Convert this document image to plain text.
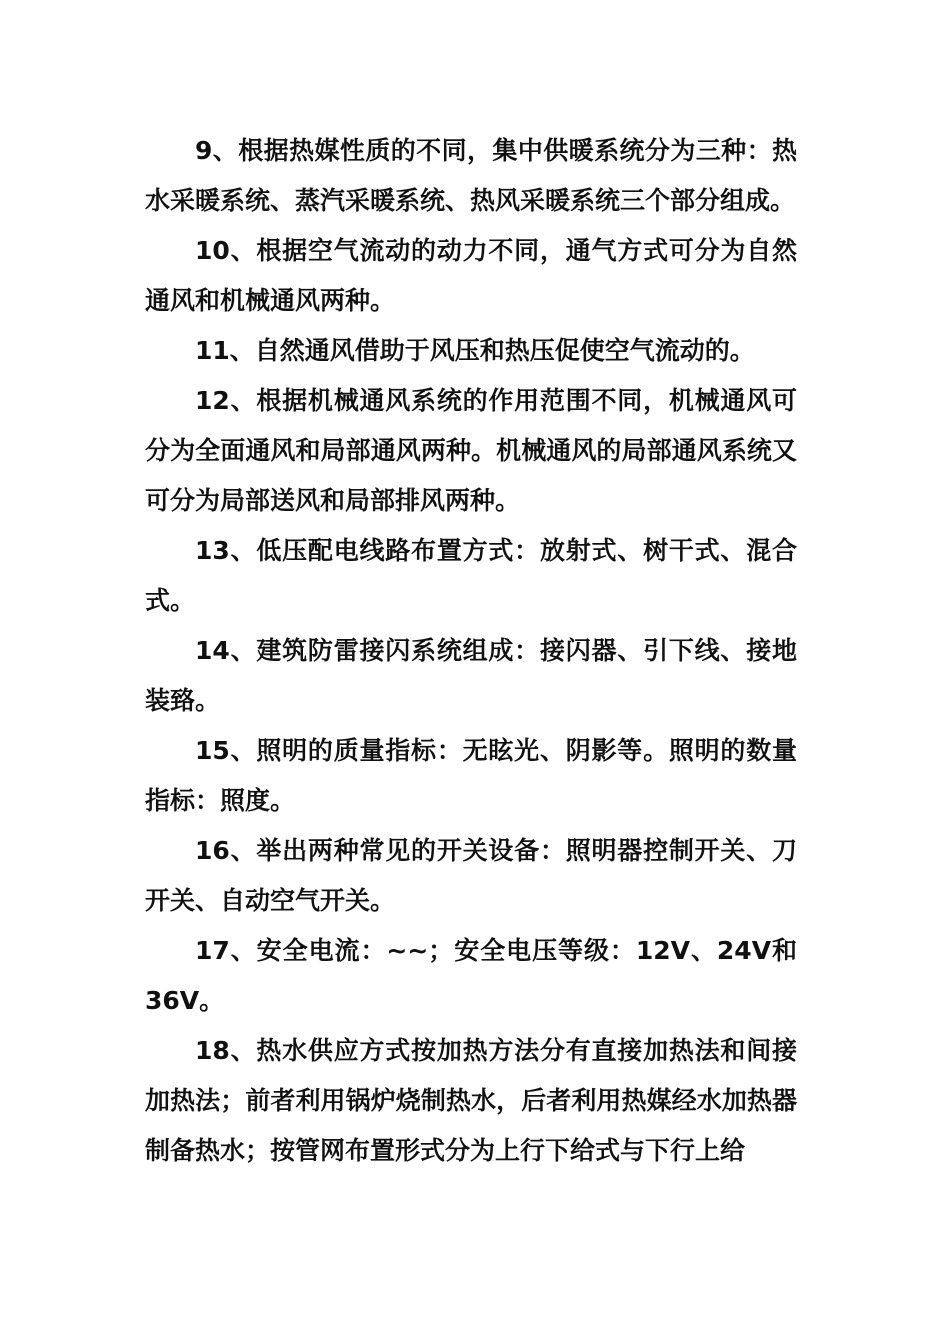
9、根据热媒性质的不同，集中供暖系统分为三种：热水采暖系统、蒸汽采暖系统、热风采暖系统三个部分组成。

10、根据空气流动的动力不同，通气方式可分为自然通风和机械通风两种。

11、自然通风借助于风压和热压促使空气流动的。

12、根据机械通风系统的作用范围不同，机械通风可分为全面通风和局部通风两种。机械通风的局部通风系统又可分为局部送风和局部排风两种。

13、低压配电线路布置方式：放射式、树干式、混合式。

14、建筑防雷接闪系统组成：接闪器、引下线、接地装臵。

15、照明的质量指标：无眩光、阴影等。照明的数量指标：照度。

16、举出两种常见的开关设备：照明器控制开关、刀开关、自动空气开关。

17、安全电流：~~；安全电压等级：12V、24V和36V。

18、热水供应方式按加热方法分有直接加热法和间接加热法；前者利用锅炉烧制热水，后者利用热媒经水加热器制备热水；按管网布置形式分为上行下给式与下行上给
